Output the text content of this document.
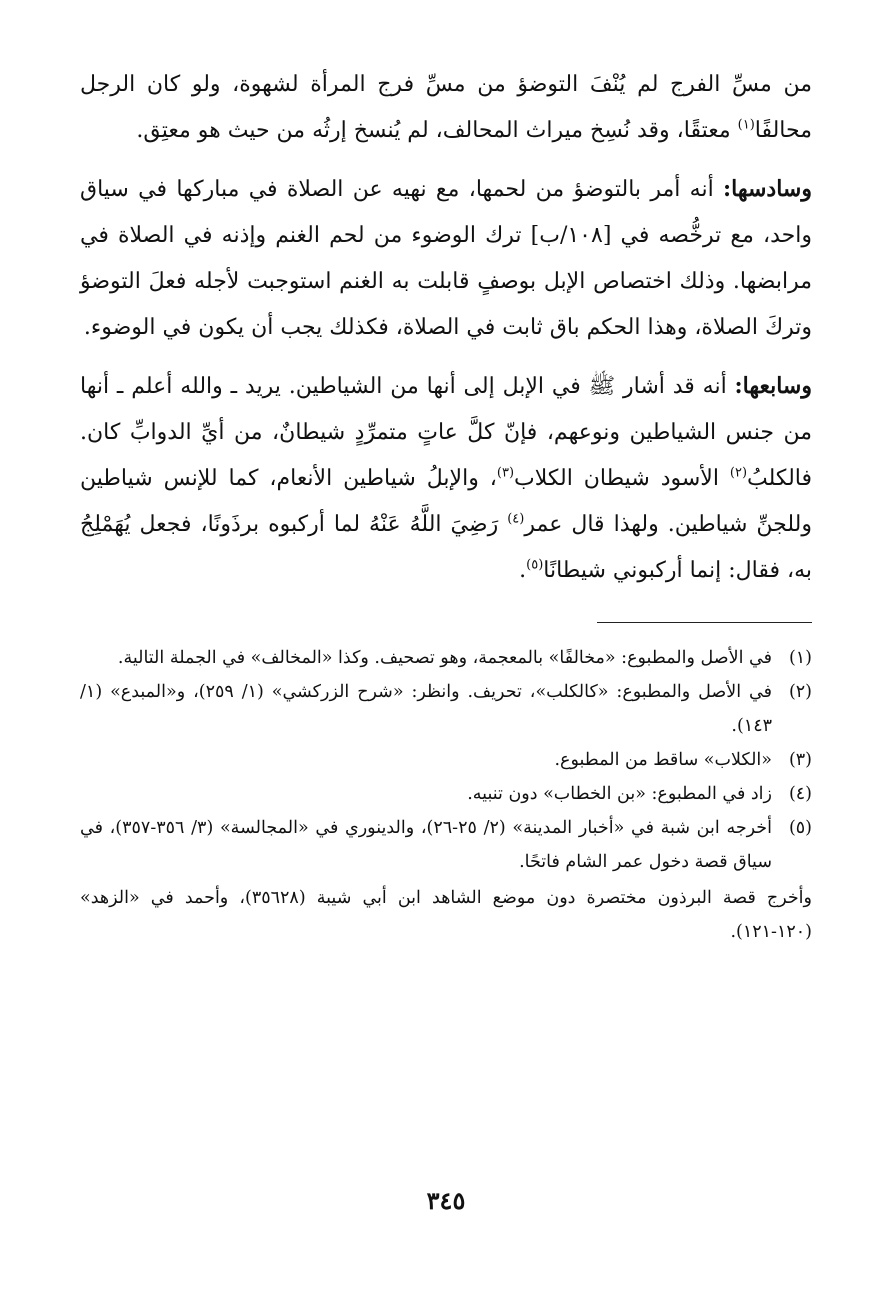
من مسِّ الفرج لم يُنْفَ التوضؤ من مسِّ فرج المرأة لشهوة، ولو كان الرجل محالفًا$^{(١)}$ معتقًا، وقد نُسِخ ميراث المحالف، لم يُنسخ إرثُه من حيث هو معتِق.

وسادسها: أنه أمر بالتوضؤ من لحمها، مع نهيه عن الصلاة في مباركها في سياق واحد، مع ترخُّصه في [١٠٨/ب] ترك الوضوء من لحم الغنم وإذنه في الصلاة في مرابضها. وذلك اختصاص الإبل بوصفٍ قابلت به الغنم استوجبت لأجله فعلَ التوضؤ وتركَ الصلاة، وهذا الحكم باق ثابت في الصلاة، فكذلك يجب أن يكون في الوضوء.

وسابعها: أنه قد أشار ﷺ في الإبل إلى أنها من الشياطين. يريد ـ والله أعلم ـ أنها من جنس الشياطين ونوعهم، فإنّ كلَّ عاتٍ متمرِّدٍ شيطانٌ، من أيِّ الدوابِّ كان. فالكلبُ$^{(٢)}$ الأسود شيطان الكلاب$^{(٣)}$، والإبلُ شياطين الأنعام، كما للإنس شياطين وللجنِّ شياطين. ولهذا قال عمر$^{(٤)}$ رَضِيَ اللَّهُ عَنْهُ لما أركبوه برذَونًا، فجعل يُهَمْلِجُ به، فقال: إنما أركبوني شيطانًا$^{(٥)}$.

(١)
في الأصل والمطبوع: «مخالفًا» بالمعجمة، وهو تصحيف. وكذا «المخالف» في الجملة التالية.
(٢)
في الأصل والمطبوع: «كالكلب»، تحريف. وانظر: «شرح الزركشي» (١/ ٢٥٩)، و«المبدع» (١/ ١٤٣).
(٣)
«الكلاب» ساقط من المطبوع.
(٤)
زاد في المطبوع: «بن الخطاب» دون تنبيه.
(٥)
أخرجه ابن شبة في «أخبار المدينة» (٢/ ٢٥-٢٦)، والدينوري في «المجالسة» (٣/ ٣٥٦-٣٥٧)، في سياق قصة دخول عمر الشام فاتحًا.

وأخرج قصة البرذون مختصرة دون موضع الشاهد ابن أبي شيبة (٣٥٦٢٨)، وأحمد في «الزهد» (١٢٠-١٢١).

٣٤٥
